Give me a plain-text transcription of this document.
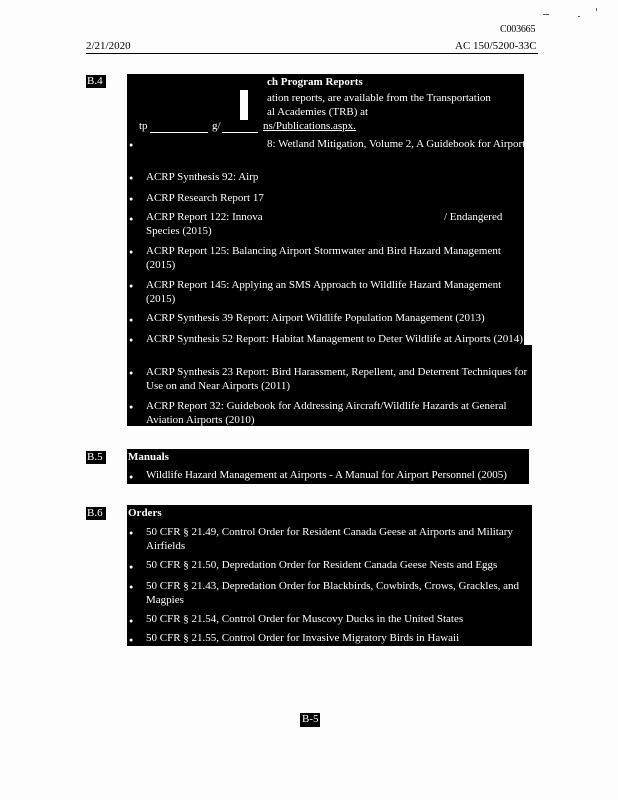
C003665
2/21/2020	AC 150/5200-33C
B.4	ch Program Reports
ation reports, are available from the Transportation
al Academies (TRB) at
tp	g/	ns/Publications.aspx.
●	8: Wetland Mitigation, Volume 2, A Guidebook for Airports (2019)
● ACRP Synthesis 92: Airp
● ACRP Research Report 17
● ACRP Report 122: Innova	/ Endangered
Species (2015)
● ACRP Report 125: Balancing Airport Stormwater and Bird Hazard Management (2015)
● ACRP Report 145: Applying an SMS Approach to Wildlife Hazard Management (2015)
● ACRP Synthesis 39 Report: Airport Wildlife Population Management (2013)
● ACRP Synthesis 52 Report: Habitat Management to Deter Wildlife at Airports (2014)
● ACRP Synthesis 23 Report: Bird Harassment, Repellent, and Deterrent Techniques for Use on and Near Airports (2011)
● ACRP Report 32: Guidebook for Addressing Aircraft/Wildlife Hazards at General Aviation Airports (2010)
B.5 Manuals
● Wildlife Hazard Management at Airports - A Manual for Airport Personnel (2005)
B.6 Orders
● 50 CFR § 21.49, Control Order for Resident Canada Geese at Airports and Military Airfields
● 50 CFR § 21.50, Depredation Order for Resident Canada Geese Nests and Eggs
● 50 CFR § 21.43, Depredation Order for Blackbirds, Cowbirds, Crows, Grackles, and Magpies
● 50 CFR § 21.54, Control Order for Muscovy Ducks in the United States
● 50 CFR § 21.55, Control Order for Invasive Migratory Birds in Hawaii
B-5
